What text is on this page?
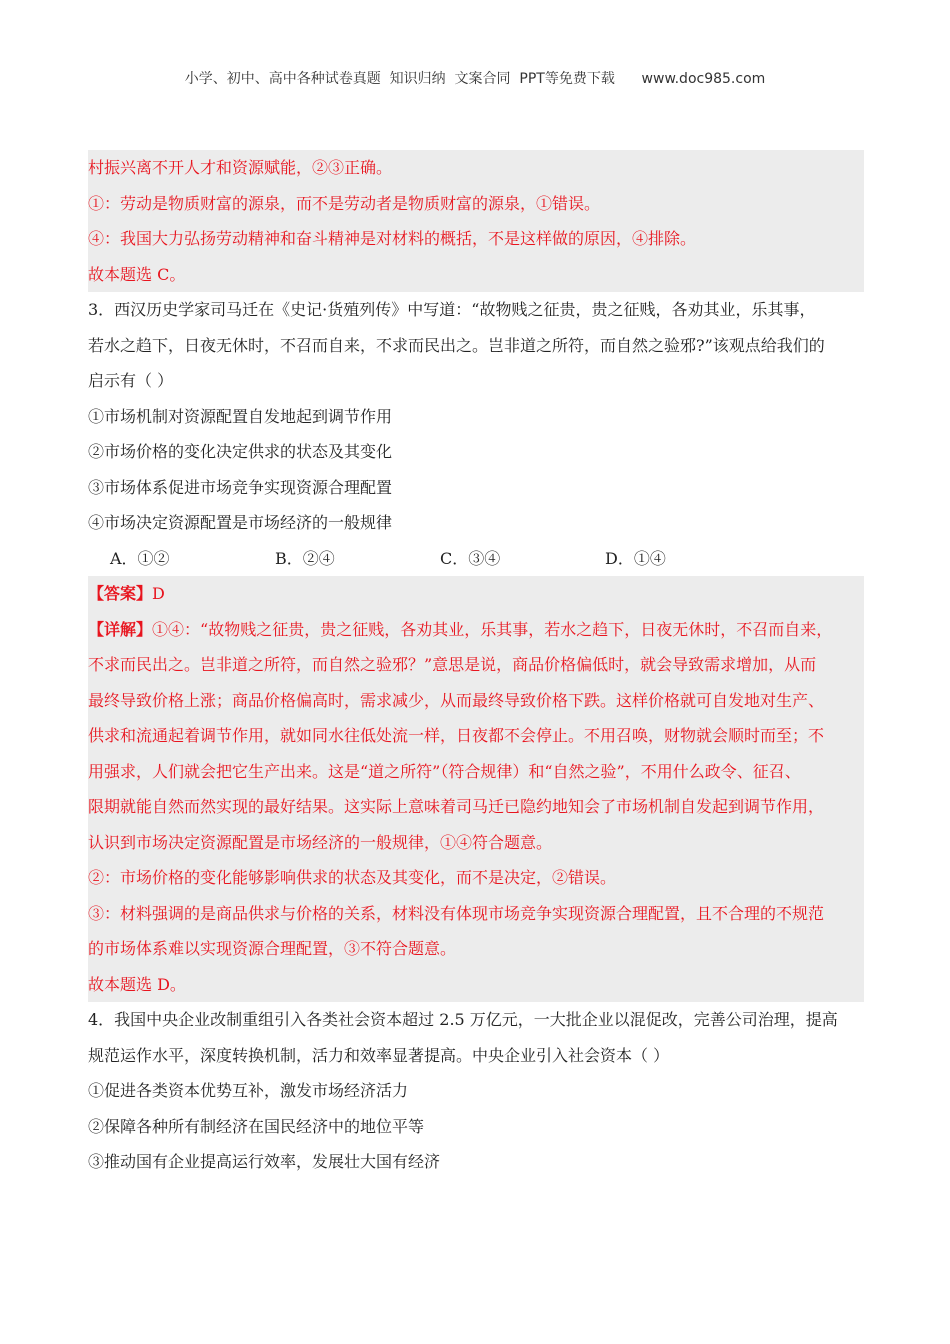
小学、初中、高中各种试卷真题  知识归纳  文案合同  PPT等免费下载      www.doc985.com
村振兴离不开人才和资源赋能，②③正确。
①：劳动是物质财富的源泉，而不是劳动者是物质财富的源泉，①错误。
④：我国大力弘扬劳动精神和奋斗精神是对材料的概括，不是这样做的原因，④排除。
故本题选 C。
3．西汉历史学家司马迁在《史记·货殖列传》中写道：“故物贱之征贵，贵之征贱，各劝其业，乐其事，
若水之趋下，日夜无休时，不召而自来，不求而民出之。岂非道之所符，而自然之验邪?”该观点给我们的
启示有（ ）
①市场机制对资源配置自发地起到调节作用
②市场价格的变化决定供求的状态及其变化
③市场体系促进市场竞争实现资源合理配置
④市场决定资源配置是市场经济的一般规律
A．①②	B．②④	C．③④	D．①④
【答案】D
【详解】①④：“故物贱之征贵，贵之征贱，各劝其业，乐其事，若水之趋下，日夜无休时，不召而自来，
不求而民出之。岂非道之所符，而自然之验邪？”意思是说，商品价格偏低时，就会导致需求增加，从而
最终导致价格上涨；商品价格偏高时，需求减少，从而最终导致价格下跌。这样价格就可自发地对生产、
供求和流通起着调节作用，就如同水往低处流一样，日夜都不会停止。不用召唤，财物就会顺时而至；不
用强求，人们就会把它生产出来。这是“道之所符”（符合规律）和“自然之验”，不用什么政令、征召、
限期就能自然而然实现的最好结果。这实际上意味着司马迁已隐约地知会了市场机制自发起到调节作用，
认识到市场决定资源配置是市场经济的一般规律，①④符合题意。
②：市场价格的变化能够影响供求的状态及其变化，而不是决定，②错误。
③：材料强调的是商品供求与价格的关系，材料没有体现市场竞争实现资源合理配置，且不合理的不规范
的市场体系难以实现资源合理配置，③不符合题意。
故本题选 D。
4．我国中央企业改制重组引入各类社会资本超过 2.5 万亿元，一大批企业以混促改，完善公司治理，提高
规范运作水平，深度转换机制，活力和效率显著提高。中央企业引入社会资本（ ）
①促进各类资本优势互补，激发市场经济活力
②保障各种所有制经济在国民经济中的地位平等
③推动国有企业提高运行效率，发展壮大国有经济
